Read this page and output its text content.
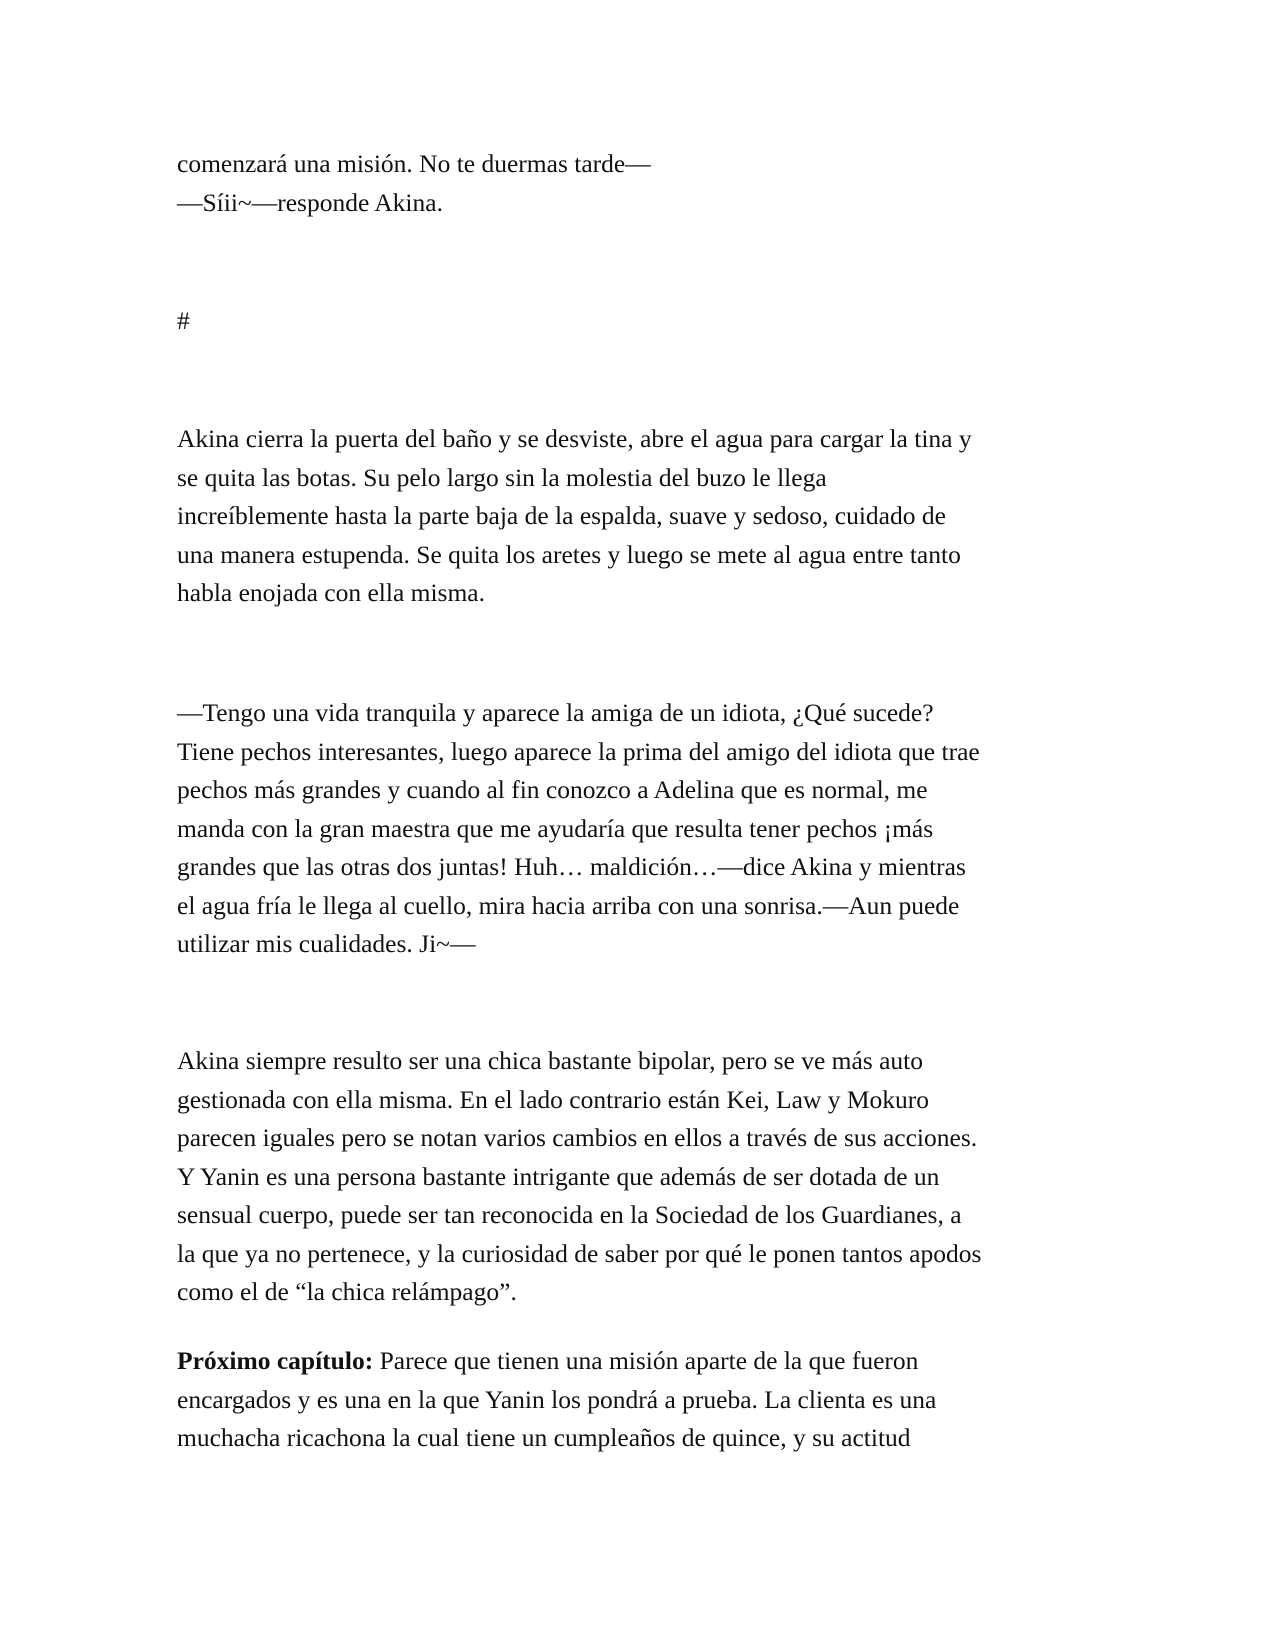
comenzará una misión. No te duermas tarde—
—Síii~—responde Akina.
#

Akina cierra la puerta del baño y se desviste, abre el agua para cargar la tina y
se quita las botas. Su pelo largo sin la molestia del buzo le llega
increíblemente hasta la parte baja de la espalda, suave y sedoso, cuidado de
una manera estupenda. Se quita los aretes y luego se mete al agua entre tanto
habla enojada con ella misma.

—Tengo una vida tranquila y aparece la amiga de un idiota, ¿Qué sucede?
Tiene pechos interesantes, luego aparece la prima del amigo del idiota que trae
pechos más grandes y cuando al fin conozco a Adelina que es normal, me
manda con la gran maestra que me ayudaría que resulta tener pechos ¡más
grandes que las otras dos juntas! Huh… maldición…—dice Akina y mientras
el agua fría le llega al cuello, mira hacia arriba con una sonrisa.—Aun puede
utilizar mis cualidades. Ji~—

Akina siempre resulto ser una chica bastante bipolar, pero se ve más auto
gestionada con ella misma. En el lado contrario están Kei, Law y Mokuro
parecen iguales pero se notan varios cambios en ellos a través de sus acciones.
Y Yanin es una persona bastante intrigante que además de ser dotada de un
sensual cuerpo, puede ser tan reconocida en la Sociedad de los Guardianes, a
la que ya no pertenece, y la curiosidad de saber por qué le ponen tantos apodos
como el de “la chica relámpago”.

Próximo capítulo: Parece que tienen una misión aparte de la que fueron
encargados y es una en la que Yanin los pondrá a prueba. La clienta es una
muchacha ricachona la cual tiene un cumpleaños de quince, y su actitud
